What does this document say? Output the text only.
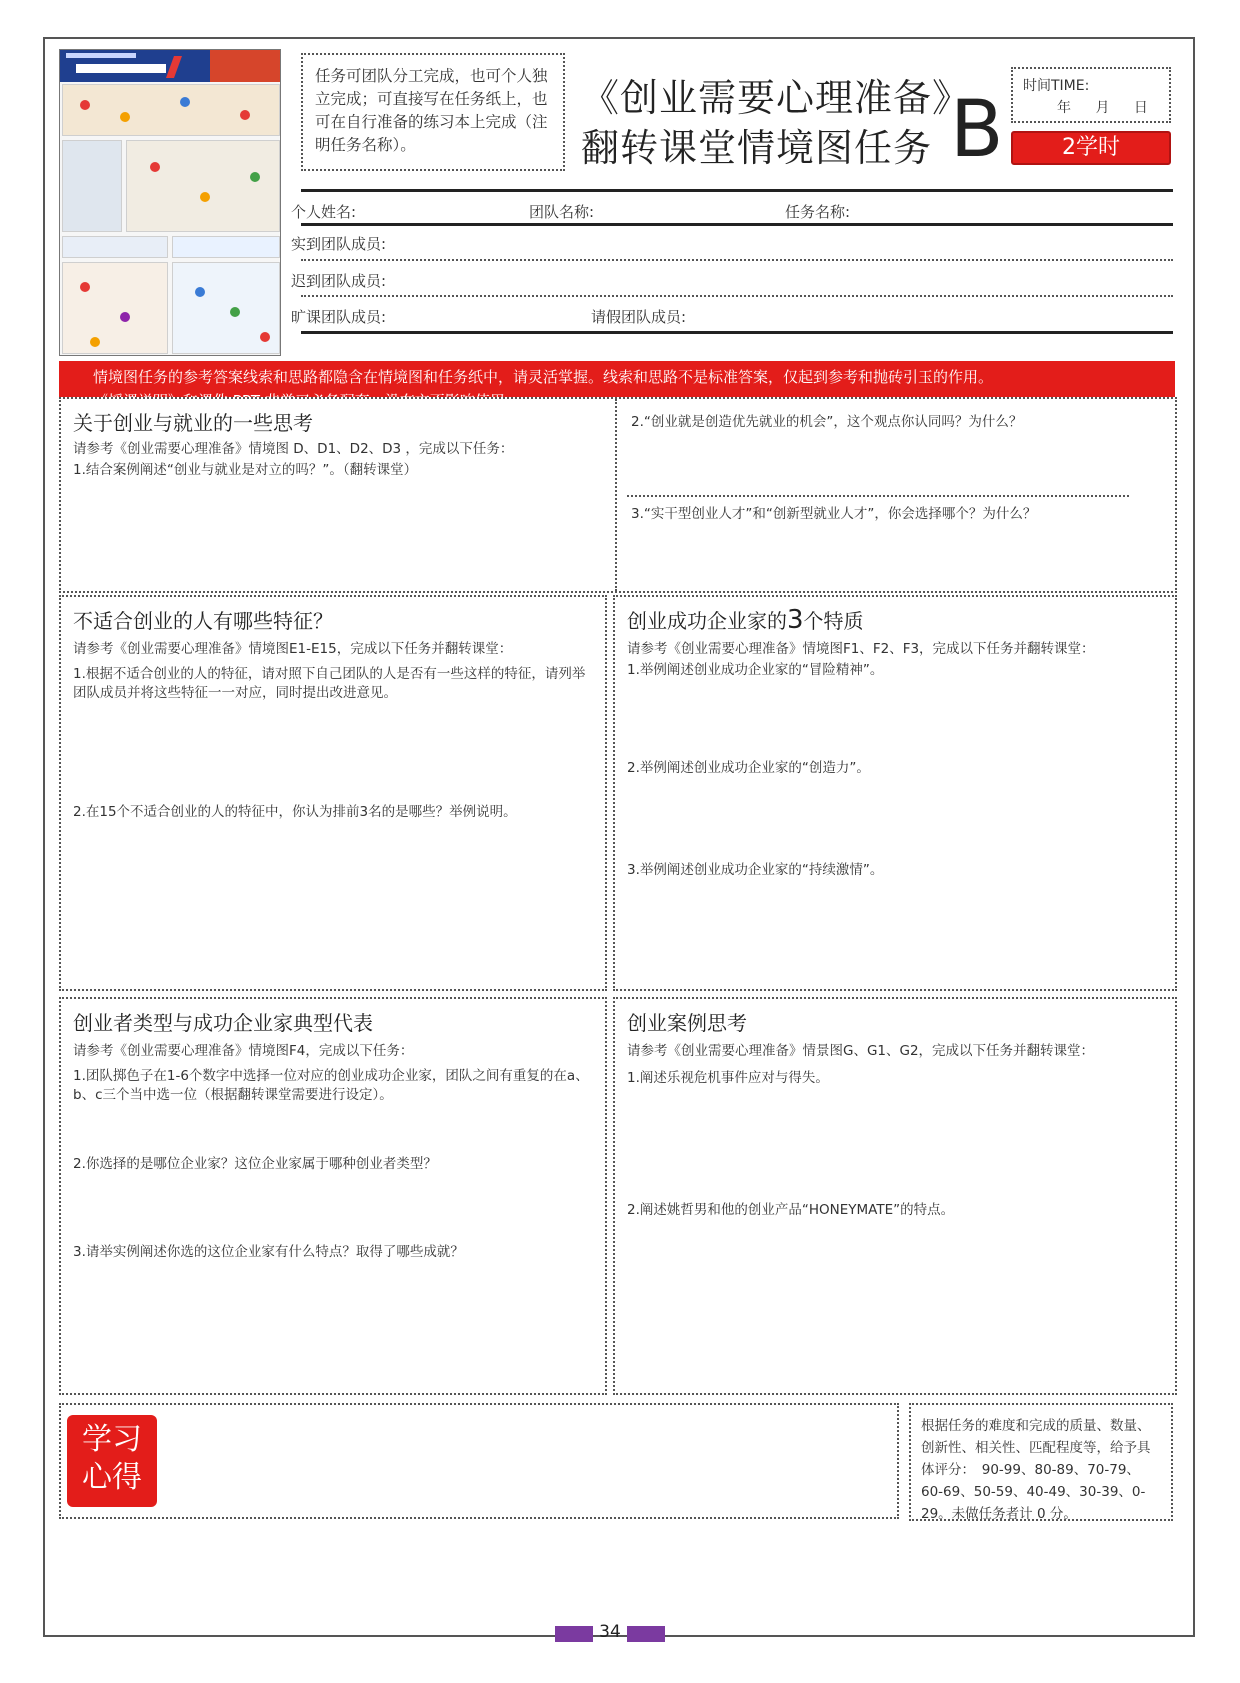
任务可团队分工完成，也可个人独立完成；可直接写在任务纸上，也可在自行准备的练习本上完成（注明任务名称）。
《创业需要心理准备》
翻转课堂情境图任务 B 时间TIME:
年 月 日
2学时
个人姓名:	团队名称:	任务名称:
实到团队成员:
迟到团队成员:
旷课团队成员:	请假团队成员:
情境图任务的参考答案线索和思路都隐含在情境图和任务纸中，请灵活掌握。线索和思路不是标准答案，仅起到参考和抛砖引玉的作用。
关于创业与就业的一些思考
请参考《创业需要心理准备》情境图 D、D1、D2、D3 ，完成以下任务：
1.结合案例阐述“创业与就业是对立的吗？”。（翻转课堂）
2.“创业就是创造优先就业的机会”，这个观点你认同吗？为什么？
3.“实干型创业人才”和“创新型就业人才”，你会选择哪个？为什么？
不适合创业的人有哪些特征？
请参考《创业需要心理准备》情境图E1-E15，完成以下任务并翻转课堂：
1.根据不适合创业的人的特征，请对照下自己团队的人是否有一些这样的特征，请列举团队成员并将这些特征一一对应，同时提出改进意见。
2.在15个不适合创业的人的特征中，你认为排前3名的是哪些？举例说明。
创业成功企业家的3个特质
请参考《创业需要心理准备》情境图F1、F2、F3，完成以下任务并翻转课堂：
1.举例阐述创业成功企业家的“冒险精神”。
2.举例阐述创业成功企业家的“创造力”。
3.举例阐述创业成功企业家的“持续激情”。
创业者类型与成功企业家典型代表
请参考《创业需要心理准备》情境图F4，完成以下任务：
1.团队掷色子在1-6个数字中选择一位对应的创业成功企业家，团队之间有重复的在a、b、c三个当中选一位（根据翻转课堂需要进行设定）。
2.你选择的是哪位企业家？这位企业家属于哪种创业者类型？
3.请举实例阐述你选的这位企业家有什么特点？取得了哪些成就？
创业案例思考
请参考《创业需要心理准备》情景图G、G1、G2，完成以下任务并翻转课堂：
1.阐述乐视危机事件应对与得失。
2.阐述姚哲男和他的创业产品“HONEYMATE”的特点。
根据任务的难度和完成的质量、数量、创新性、相关性、匹配程度等，给予具体评分：　90-99、80-89、70-79、60-69、50-59、40-49、30-39、0-29。未做任务者计 0 分。
学习
心得
34
